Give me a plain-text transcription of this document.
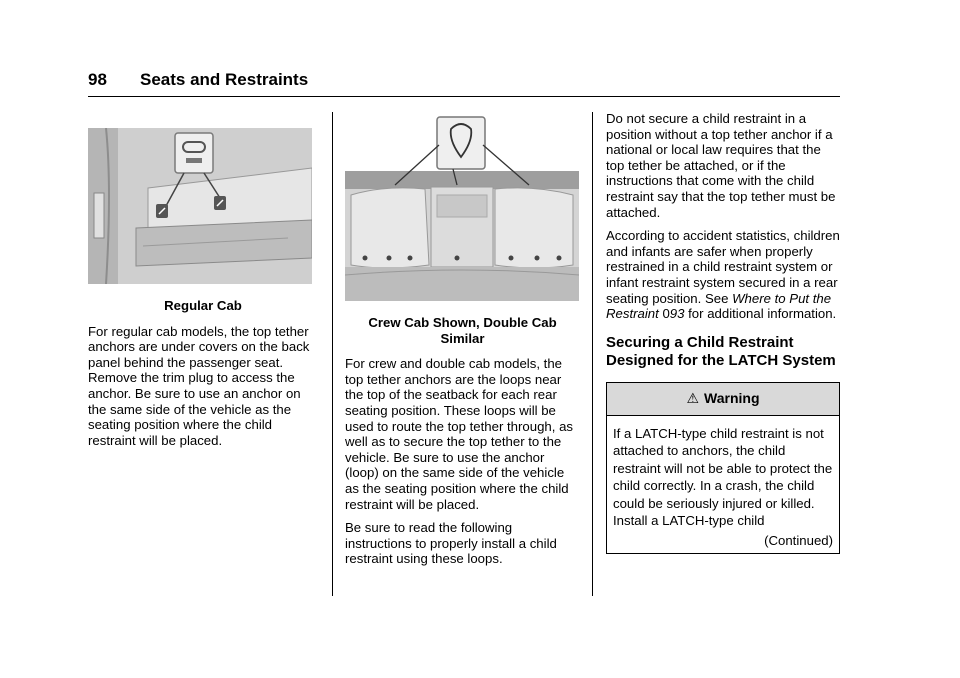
98 Seats and Restraints
Regular Cab

For regular cab models, the top tether anchors are under covers on the back panel behind the passenger seat. Remove the trim plug to access the anchor. Be sure to use an anchor on the same side of the vehicle as the seating position where the child restraint will be placed.

Crew Cab Shown, Double Cab
Similar

For crew and double cab models, the top tether anchors are the loops near the top of the seatback for each rear seating position. These loops will be used to route the top tether through, as well as to secure the top tether to the vehicle. Be sure to use the anchor (loop) on the same side of the vehicle as the seating position where the child restraint will be placed.

Be sure to read the following instructions to properly install a child restraint using these loops.

Do not secure a child restraint in a position without a top tether anchor if a national or local law requires that the top tether be attached, or if the instructions that come with the child restraint say that the top tether must be attached.

According to accident statistics, children and infants are safer when properly restrained in a child restraint system or infant restraint system secured in a rear seating position. See Where to Put the Restraint 093 for additional information.

Securing a Child Restraint Designed for the LATCH System
⚠ Warning
If a LATCH-type child restraint is not attached to anchors, the child restraint will not be able to protect the child correctly. In a crash, the child could be seriously injured or killed. Install a LATCH-type child
(Continued)
